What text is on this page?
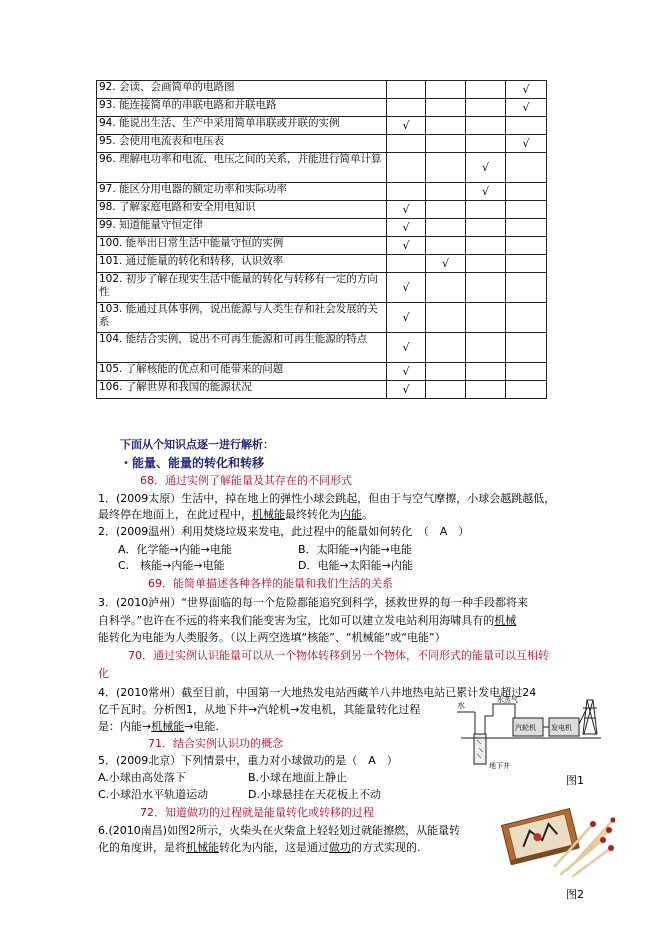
92. 会读、会画简单的电路图				√
93. 能连接简单的串联电路和并联电路				√
94. 能说出生活、生产中采用简单串联或并联的实例	√			
95. 会使用电流表和电压表				√
96. 理解电功率和电流、电压之间的关系，并能进行简单计算			√	
97. 能区分用电器的额定功率和实际功率			√	
98. 了解家庭电路和安全用电知识	√			
99. 知道能量守恒定律	√			
100. 能举出日常生活中能量守恒的实例	√			
101. 通过能量的转化和转移，认识效率		√		
102. 初步了解在现实生活中能量的转化与转移有一定的方向性	√			
103. 能通过具体事例，说出能源与人类生存和社会发展的关系	√			
104. 能结合实例，说出不可再生能源和可再生能源的特点	√			
105. 了解核能的优点和可能带来的问题	√			
106. 了解世界和我国的能源状况	√			
下面从个知识点逐一进行解析：
・能量、能量的转化和转移
68．通过实例了解能量及其存在的不同形式
1．(2009太原）生活中，掉在地上的弹性小球会跳起，但由于与空气摩擦，小球会越跳越低，
最终停在地面上，在此过程中，机械能最终转化为内能。
2．(2009温州）利用焚烧垃圾来发电，此过程中的能量如何转化　（　A　）
A．化学能→内能→电能	B．太阳能→内能→电能
C.　核能→内能→电能	D．电能→太阳能→内能
69．能简单描述各种各样的能量和我们生活的关系
3．(2010泸州）“世界面临的每一个危险都能追究到科学，拯救世界的每一种手段都将来
自科学。”也许在不远的将来我们能变害为宝，比如可以建立发电站利用海啸具有的机械
能转化为电能为人类服务。（以上两空选填“核能”、“机械能”或“电能”）
70．通过实例认识能量可以从一个物体转移到另一个物体，不同形式的能量可以互相转
化
4．(2010常州）截至目前，中国第一大地热发电站西藏羊八井地热电站已累计发电超过24
亿千瓦时。分析图1，从地下井→汽轮机→发电机，其能量转化过程
是：内能→机械能→电能.
71．结合实例认识功的概念
5．(2009北京）下列情景中，重力对小球做功的是（　A　）
A.小球由高处落下	B.小球在地面上静止
C.小球沿水平轨道运动	D.小球悬挂在天花板上不动
72．知道做功的过程就是能量转化或转移的过程
6.(2010南昌)如图2所示，火柴头在火柴盒上轻轻划过就能擦燃，从能量转
化的角度讲，是将机械能转化为内能，这是通过做功的方式实现的.
水
水蒸气
汽轮机 发电机
地下井
图1
图2
